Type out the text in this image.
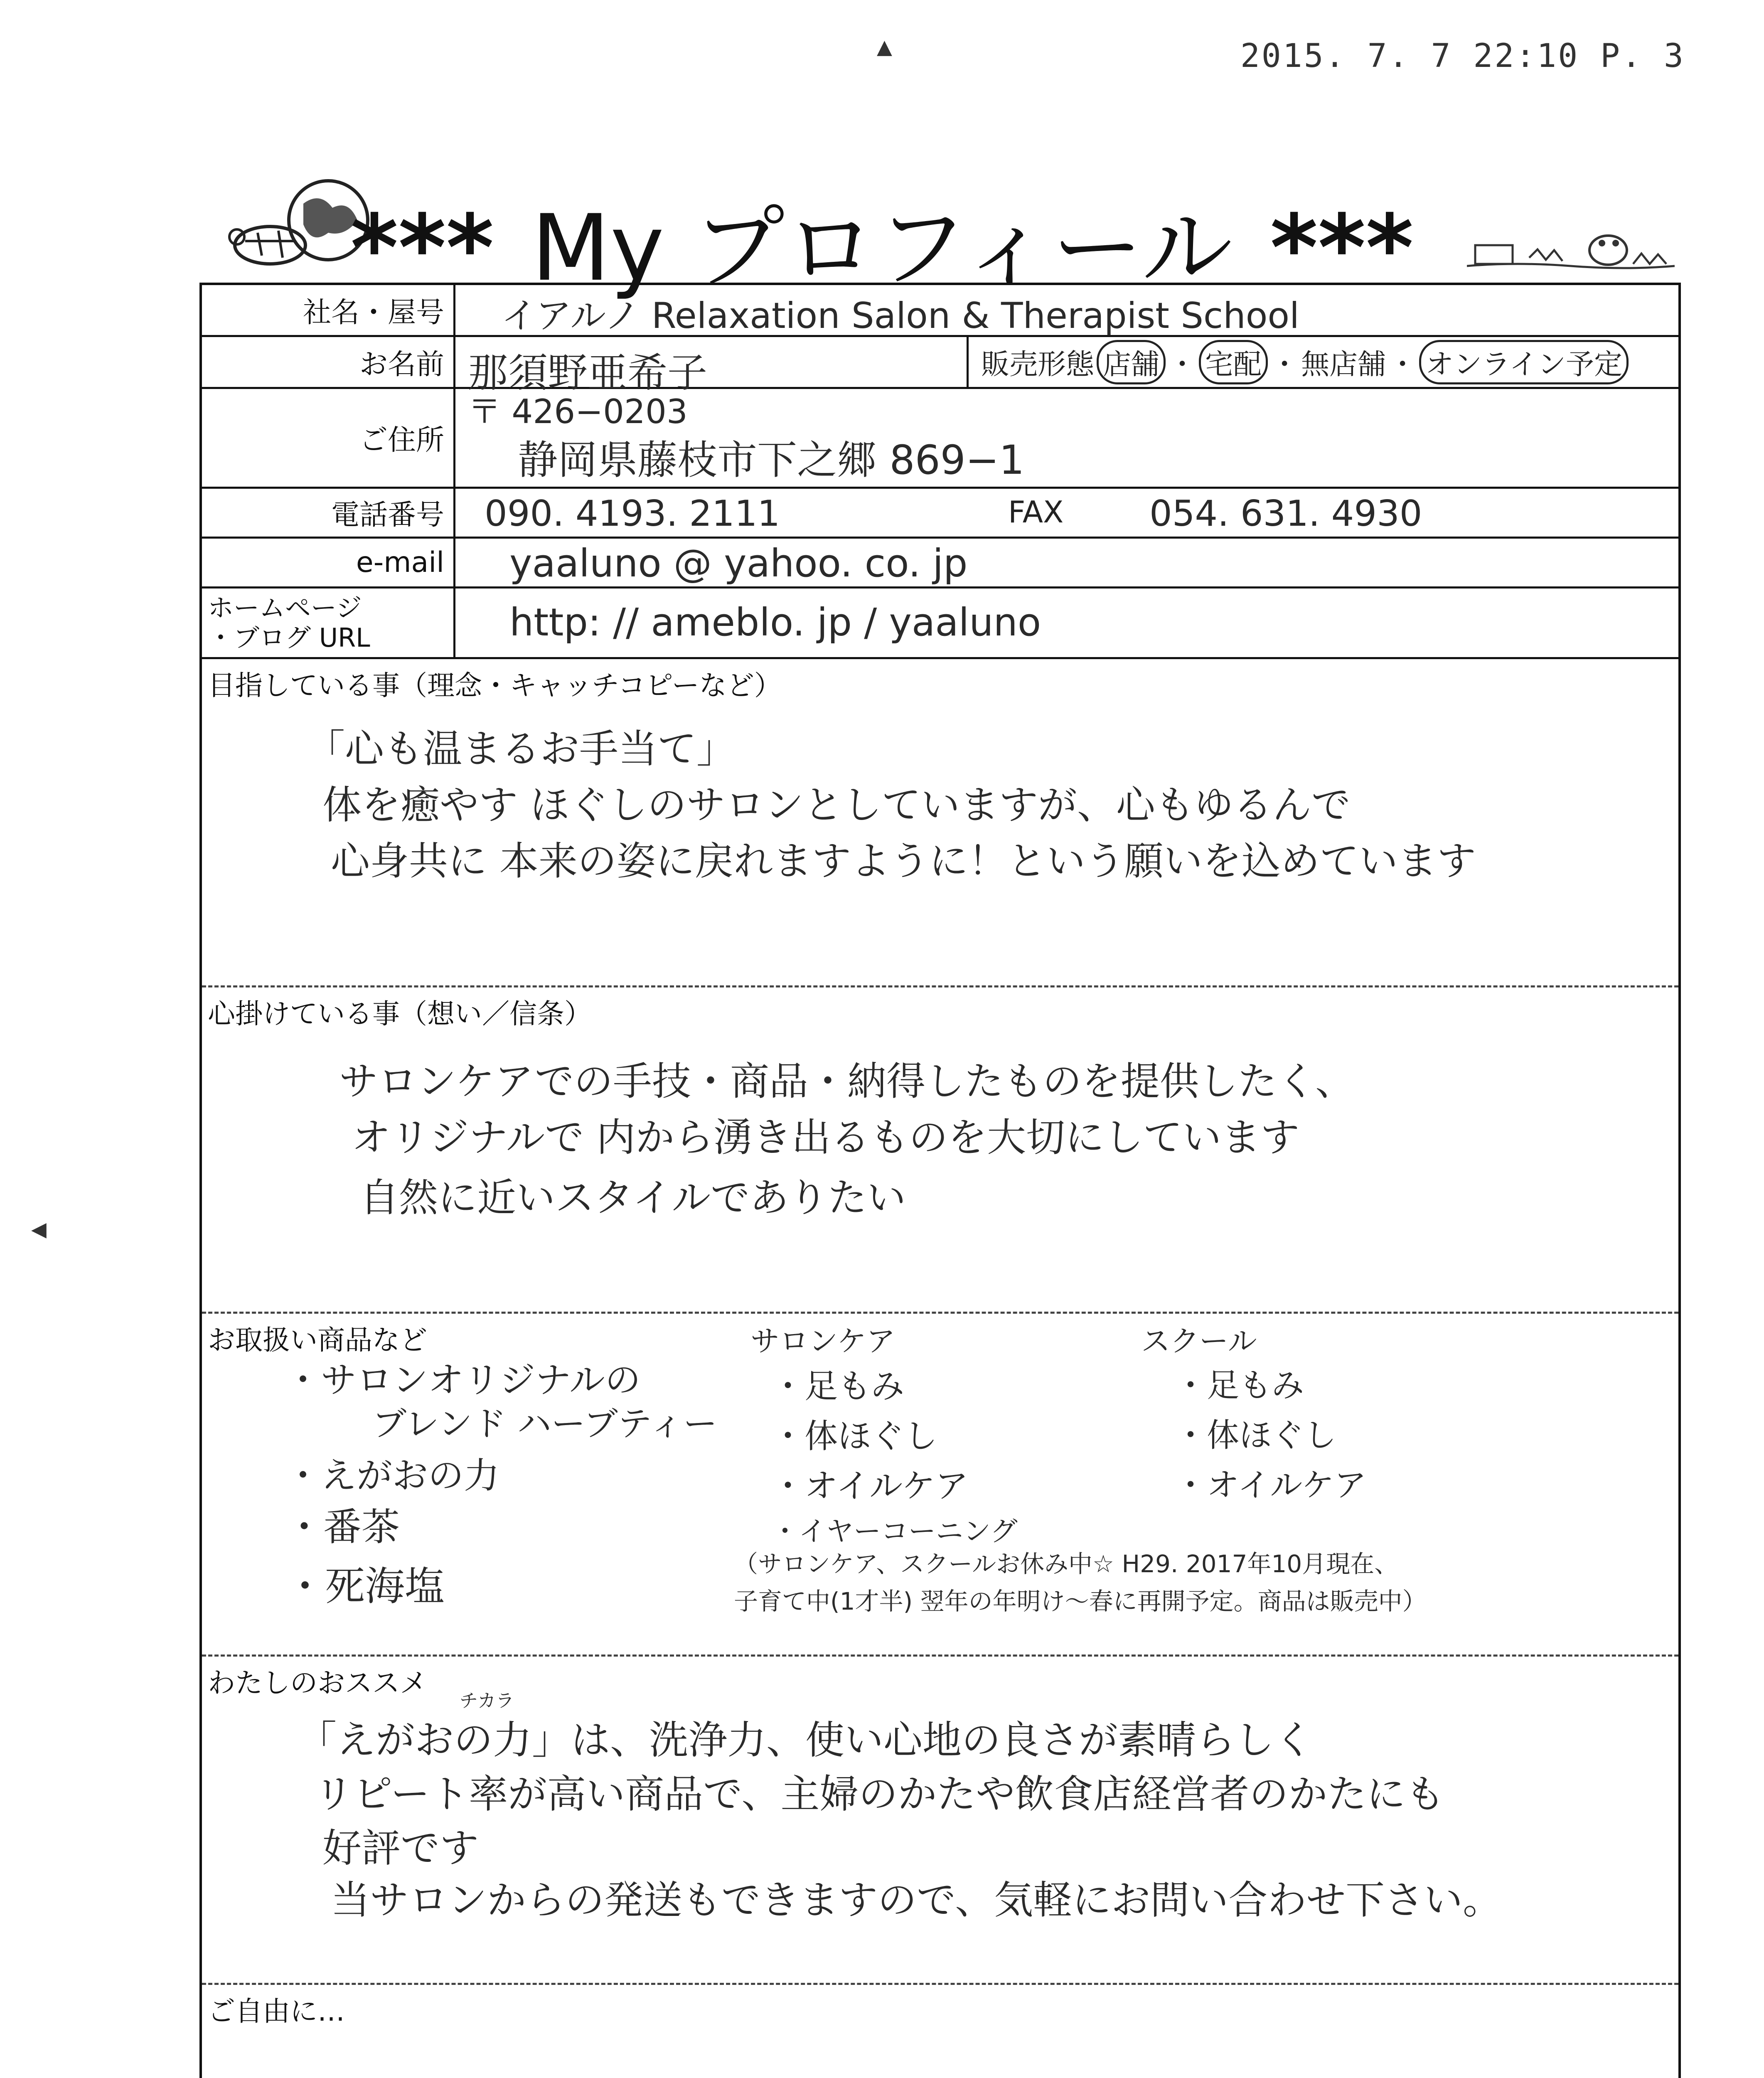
2015. 7. 7 22:10 P. 3
▲
◀
*** My プロフィール ***
社名・屋号	イアルノ Relaxation Salon & Therapist School
お名前 那須野亜希子	販売形態 店舗 ・ 宅配 ・ 無店舗 ・ オンライン予定
ご住所
〒 426−0203
静岡県藤枝市下之郷 869−1
電話番号	090. 4193. 2111	FAX 054. 631. 4930
e-mail yaaluno @ yahoo. co. jp
ホームページ
・ブログ URL	http: // ameblo. jp / yaaluno
目指している事（理念・キャッチコピーなど）
「心も温まるお手当て」
体を癒やす ほぐしのサロンとしていますが、心もゆるんで
心身共に 本来の姿に戻れますように！という願いを込めています
心掛けている事（想い／信条）
サロンケアでの手技・商品・納得したものを提供したく、
オリジナルで 内から湧き出るものを大切にしています
自然に近いスタイルでありたい
お取扱い商品など
・サロンオリジナルの
ブレンド ハーブティー
・えがおの力
・番茶
・死海塩
サロンケア
・足もみ
・体ほぐし
・オイルケア
・イヤーコーニング
スクール
・足もみ
・体ほぐし
・オイルケア
（サロンケア、スクールお休み中☆ H29. 2017年10月現在、
子育て中(1才半) 翌年の年明け〜春に再開予定。商品は販売中）
わたしのおススメ
チカラ
「えがおの力」は、洗浄力、使い心地の良さが素晴らしく
リピート率が高い商品で、主婦のかたや飲食店経営者のかたにも
好評です
当サロンからの発送もできますので、気軽にお問い合わせ下さい。
ご自由に…
